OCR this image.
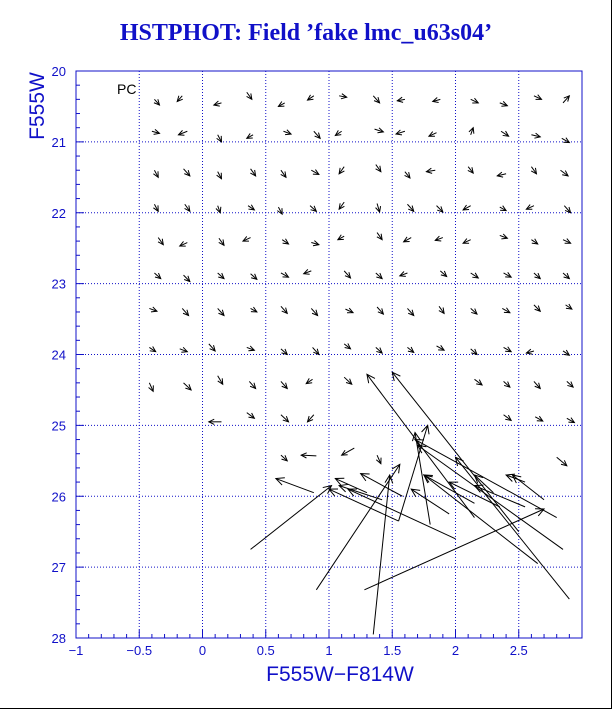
HSTPHOT: Field ’fake lmc_u63s04’
−1	−0.5	0	0.5	1	1.5	2	2.5
20
21
22
23
24
25
26
27
28
PC
F555W−F814W
F555W
